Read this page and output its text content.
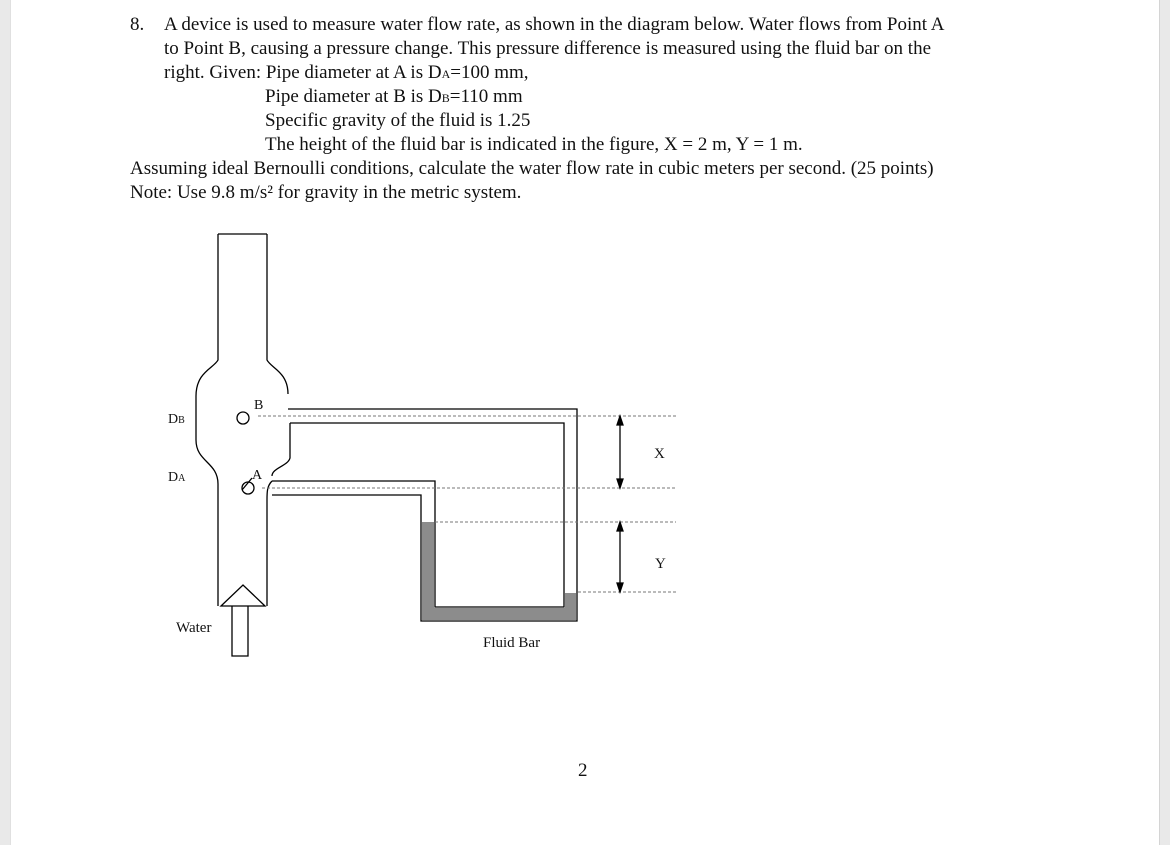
8. A device is used to measure water flow rate, as shown in the diagram below. Water flows from Point A
to Point B, causing a pressure change. This pressure difference is measured using the fluid bar on the
right. Given: Pipe diameter at A is DA=100 mm,
Pipe diameter at B is DB=110 mm
Specific gravity of the fluid is 1.25
The height of the fluid bar is indicated in the figure, X = 2 m, Y = 1 m.
Assuming ideal Bernoulli conditions, calculate the water flow rate in cubic meters per second. (25 points)
Note: Use 9.8 m/s² for gravity in the metric system.
DB
DA
B
A
X
Y
Water
Fluid Bar
2
